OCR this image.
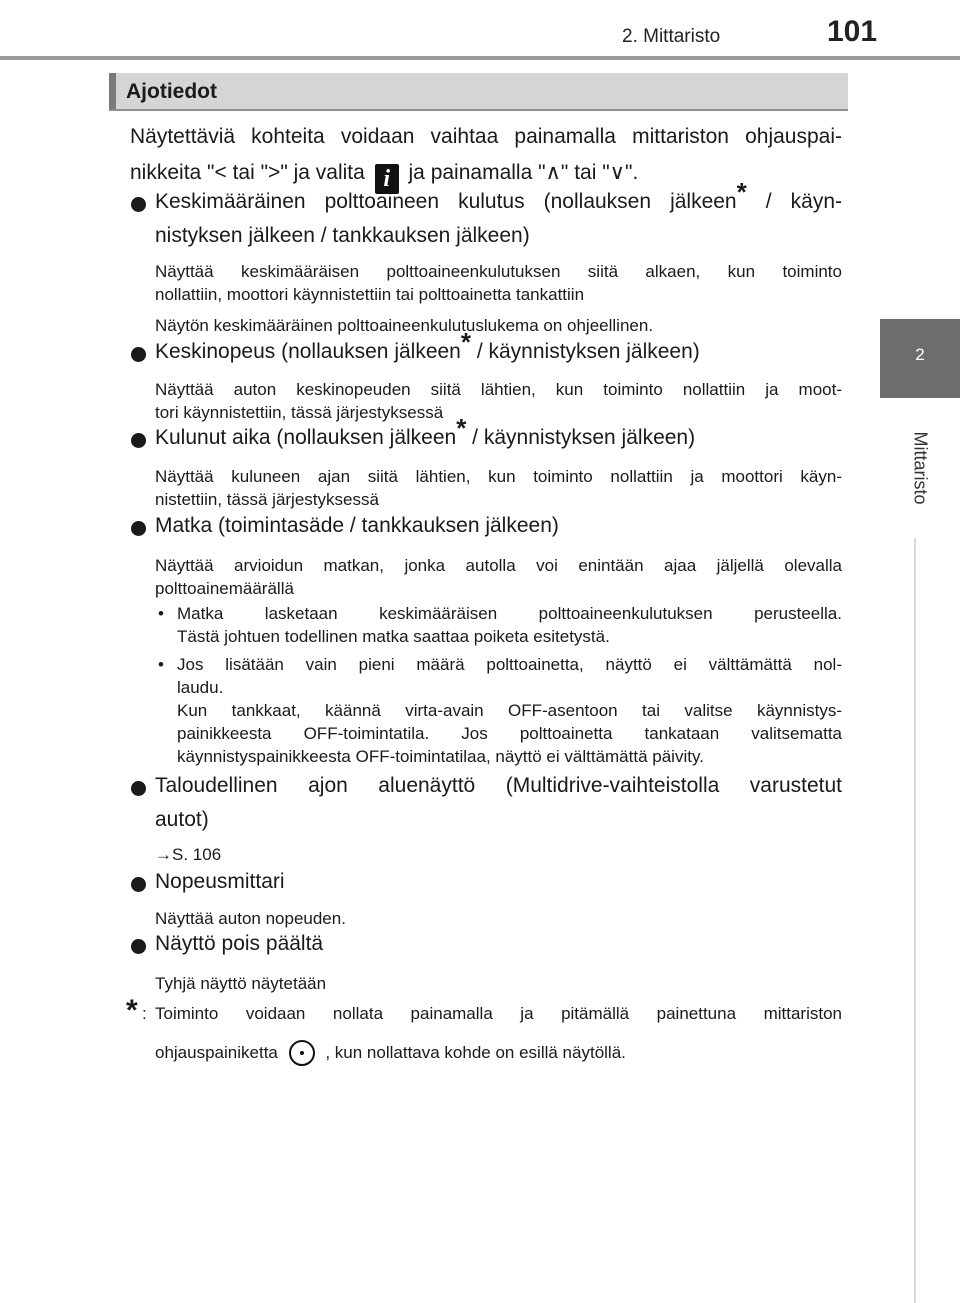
2. Mittaristo	101
2
Mittaristo
Ajotiedot
Näytettäviä kohteita voidaan vaihtaa painamalla mittariston ohjauspai-
nikkeita "< tai ">" ja valita i ja painamalla "∧" tai "∨".
Keskimääräinen polttoaineen kulutus (nollauksen jälkeen* / käyn-
nistyksen jälkeen / tankkauksen jälkeen)
Näyttää keskimääräisen polttoaineenkulutuksen siitä alkaen, kun toiminto
nollattiin, moottori käynnistettiin tai polttoainetta tankattiin
Näytön keskimääräinen polttoaineenkulutuslukema on ohjeellinen.
Keskinopeus (nollauksen jälkeen* / käynnistyksen jälkeen)
Näyttää auton keskinopeuden siitä lähtien, kun toiminto nollattiin ja moot-
tori käynnistettiin, tässä järjestyksessä
Kulunut aika (nollauksen jälkeen* / käynnistyksen jälkeen)
Näyttää kuluneen ajan siitä lähtien, kun toiminto nollattiin ja moottori käyn-
nistettiin, tässä järjestyksessä
Matka (toimintasäde / tankkauksen jälkeen)
Näyttää arvioidun matkan, jonka autolla voi enintään ajaa jäljellä olevalla
polttoainemäärällä
• Matka lasketaan keskimääräisen polttoaineenkulutuksen perusteella.
Tästä johtuen todellinen matka saattaa poiketa esitetystä.
• Jos lisätään vain pieni määrä polttoainetta, näyttö ei välttämättä nol-
laudu.
Kun tankkaat, käännä virta-avain OFF-asentoon tai valitse käynnistys-
painikkeesta OFF-toimintatila. Jos polttoainetta tankataan valitsematta
käynnistyspainikkeesta OFF-toimintatilaa, näyttö ei välttämättä päivity.
Taloudellinen ajon aluenäyttö (Multidrive-vaihteistolla varustetut
autot)
→S. 106
Nopeusmittari
Näyttää auton nopeuden.
Näyttö pois päältä
Tyhjä näyttö näytetään
* : Toiminto voidaan nollata painamalla ja pitämällä painettuna mittariston
ohjauspainiketta	, kun nollattava kohde on esillä näytöllä.
